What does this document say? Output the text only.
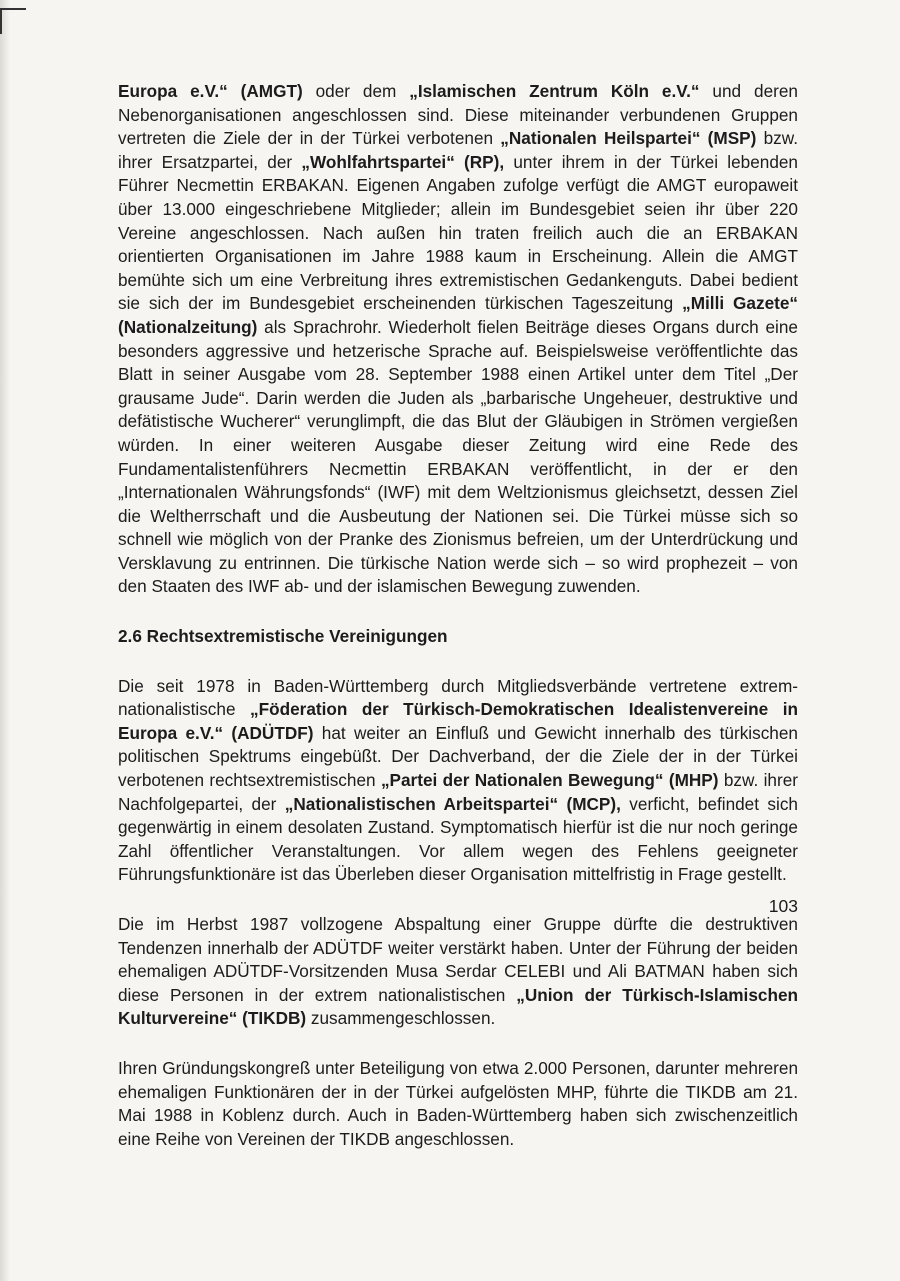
Europa e.V.“ (AMGT) oder dem „Islamischen Zentrum Köln e.V.“ und deren Nebenorganisationen angeschlossen sind. Diese miteinander verbundenen Gruppen vertreten die Ziele der in der Türkei verbotenen „Nationalen Heilspartei“ (MSP) bzw. ihrer Ersatzpartei, der „Wohlfahrtspartei“ (RP), unter ihrem in der Türkei lebenden Führer Necmettin ERBAKAN. Eigenen Angaben zufolge verfügt die AMGT europaweit über 13.000 eingeschriebene Mitglieder; allein im Bundesgebiet seien ihr über 220 Vereine angeschlossen. Nach außen hin traten freilich auch die an ERBAKAN orientierten Organisationen im Jahre 1988 kaum in Erscheinung. Allein die AMGT bemühte sich um eine Verbreitung ihres extremistischen Gedankenguts. Dabei bedient sie sich der im Bundesgebiet erscheinenden türkischen Tageszeitung „Milli Gazete“ (Nationalzeitung) als Sprachrohr. Wiederholt fielen Beiträge dieses Organs durch eine besonders aggressive und hetzerische Sprache auf. Beispielsweise veröffentlichte das Blatt in seiner Ausgabe vom 28. September 1988 einen Artikel unter dem Titel „Der grausame Jude“. Darin werden die Juden als „barbarische Ungeheuer, destruktive und defätistische Wucherer“ verunglimpft, die das Blut der Gläubigen in Strömen vergießen würden. In einer weiteren Ausgabe dieser Zeitung wird eine Rede des Fundamentalistenführers Necmettin ERBAKAN veröffentlicht, in der er den „Internationalen Währungsfonds“ (IWF) mit dem Weltzionismus gleichsetzt, dessen Ziel die Weltherrschaft und die Ausbeutung der Nationen sei. Die Türkei müsse sich so schnell wie möglich von der Pranke des Zionismus befreien, um der Unterdrückung und Versklavung zu entrinnen. Die türkische Nation werde sich – so wird prophezeit – von den Staaten des IWF ab- und der islamischen Bewegung zuwenden.

2.6 Rechtsextremistische Vereinigungen

Die seit 1978 in Baden-Württemberg durch Mitgliedsverbände vertretene extrem-nationalistische „Föderation der Türkisch-Demokratischen Idealistenvereine in Europa e.V.“ (ADÜTDF) hat weiter an Einfluß und Gewicht innerhalb des türkischen politischen Spektrums eingebüßt. Der Dachverband, der die Ziele der in der Türkei verbotenen rechtsextremistischen „Partei der Nationalen Bewegung“ (MHP) bzw. ihrer Nachfolgepartei, der „Nationalistischen Arbeitspartei“ (MCP), verficht, befindet sich gegenwärtig in einem desolaten Zustand. Symptomatisch hierfür ist die nur noch geringe Zahl öffentlicher Veranstaltungen. Vor allem wegen des Fehlens geeigneter Führungsfunktionäre ist das Überleben dieser Organisation mittelfristig in Frage gestellt.

Die im Herbst 1987 vollzogene Abspaltung einer Gruppe dürfte die destruktiven Tendenzen innerhalb der ADÜTDF weiter verstärkt haben. Unter der Führung der beiden ehemaligen ADÜTDF-Vorsitzenden Musa Serdar CELEBI und Ali BATMAN haben sich diese Personen in der extrem nationalistischen „Union der Türkisch-Islamischen Kulturvereine“ (TIKDB) zusammengeschlossen.

Ihren Gründungskongreß unter Beteiligung von etwa 2.000 Personen, darunter mehreren ehemaligen Funktionären der in der Türkei aufgelösten MHP, führte die TIKDB am 21. Mai 1988 in Koblenz durch. Auch in Baden-Württemberg haben sich zwischenzeitlich eine Reihe von Vereinen der TIKDB angeschlossen.

103
